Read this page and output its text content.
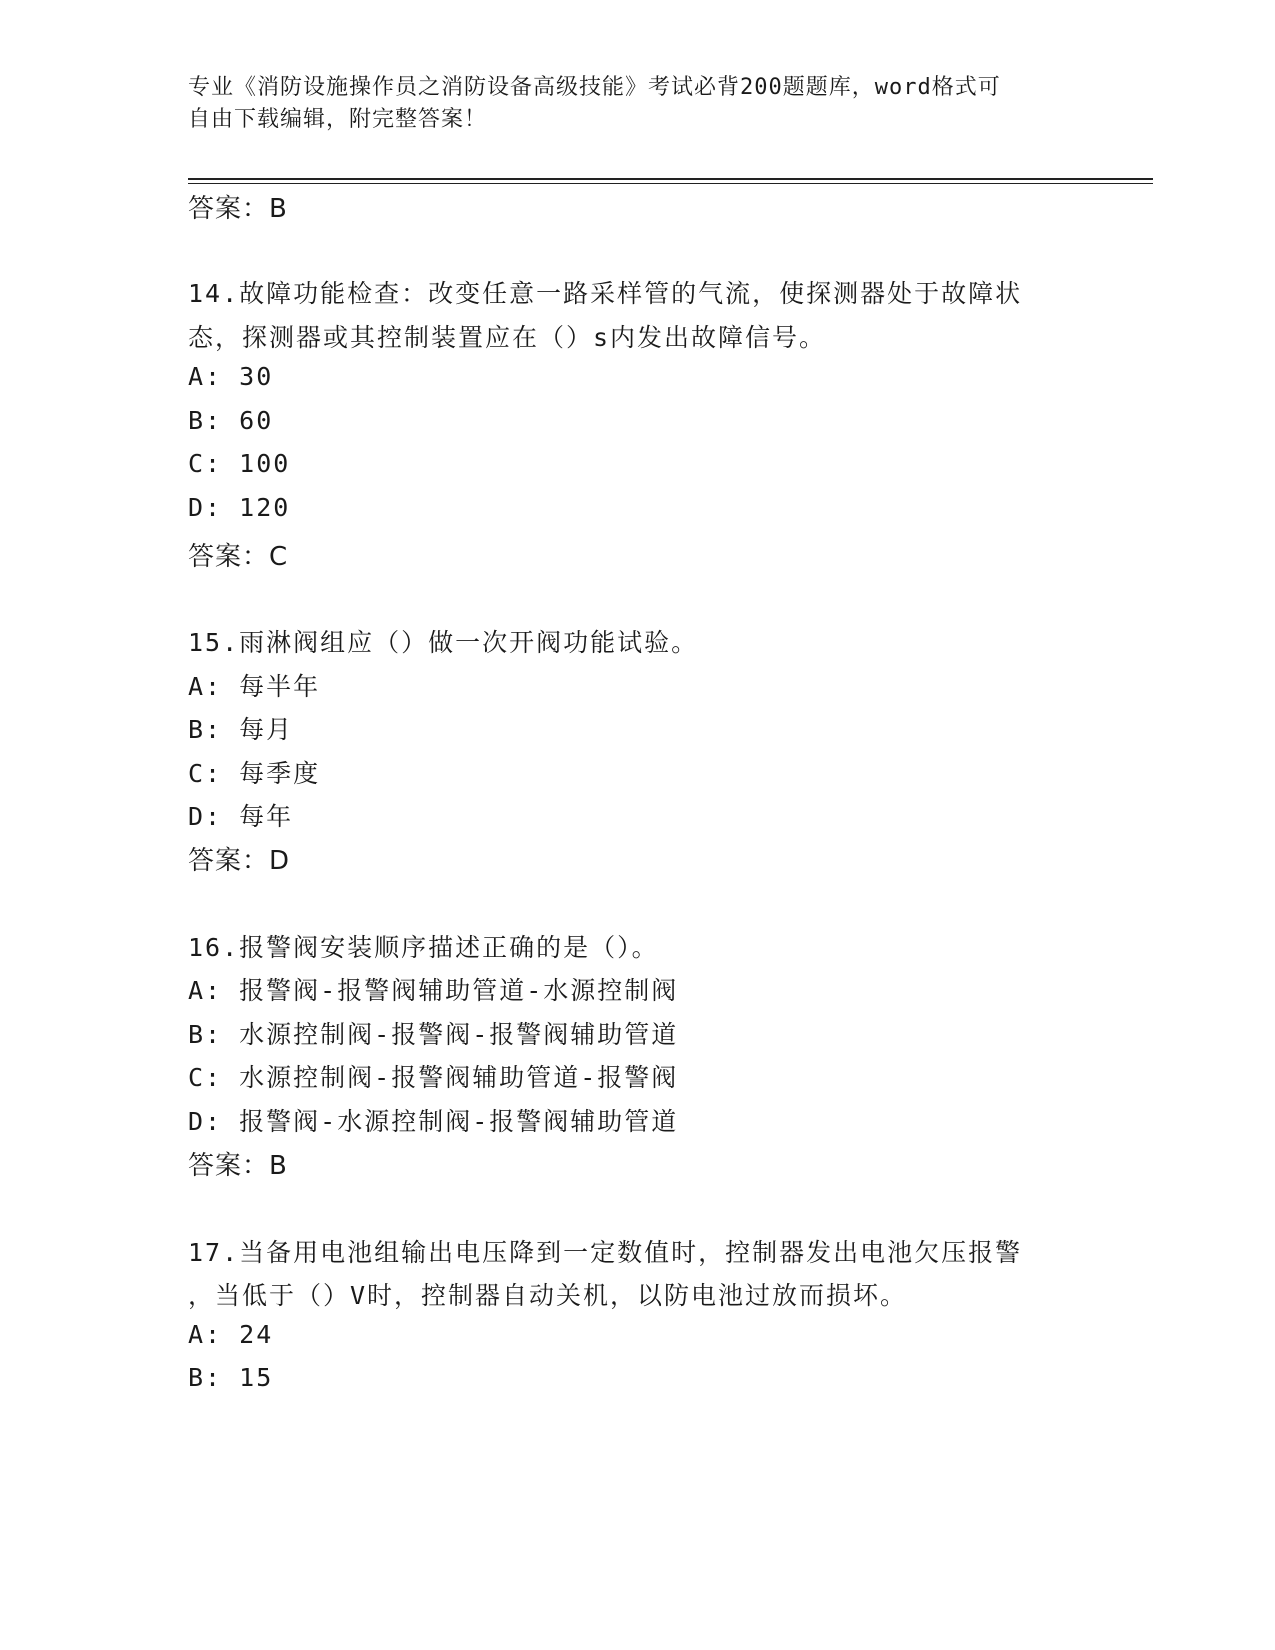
专业《消防设施操作员之消防设备高级技能》考试必背200题题库，word格式可
自由下载编辑，附完整答案！
答案：B
14.故障功能检查：改变任意一路采样管的气流，使探测器处于故障状
态，探测器或其控制装置应在（）s内发出故障信号。
A: 30
B: 60
C: 100
D: 120
答案：C
15.雨淋阀组应（）做一次开阀功能试验。
A: 每半年
B: 每月
C: 每季度
D: 每年
答案：D
16.报警阀安装顺序描述正确的是（）。
A: 报警阀-报警阀辅助管道-水源控制阀
B: 水源控制阀-报警阀-报警阀辅助管道
C: 水源控制阀-报警阀辅助管道-报警阀
D: 报警阀-水源控制阀-报警阀辅助管道
答案：B
17.当备用电池组输出电压降到一定数值时，控制器发出电池欠压报警
，当低于（）V时，控制器自动关机，以防电池过放而损坏。
A: 24
B: 15
